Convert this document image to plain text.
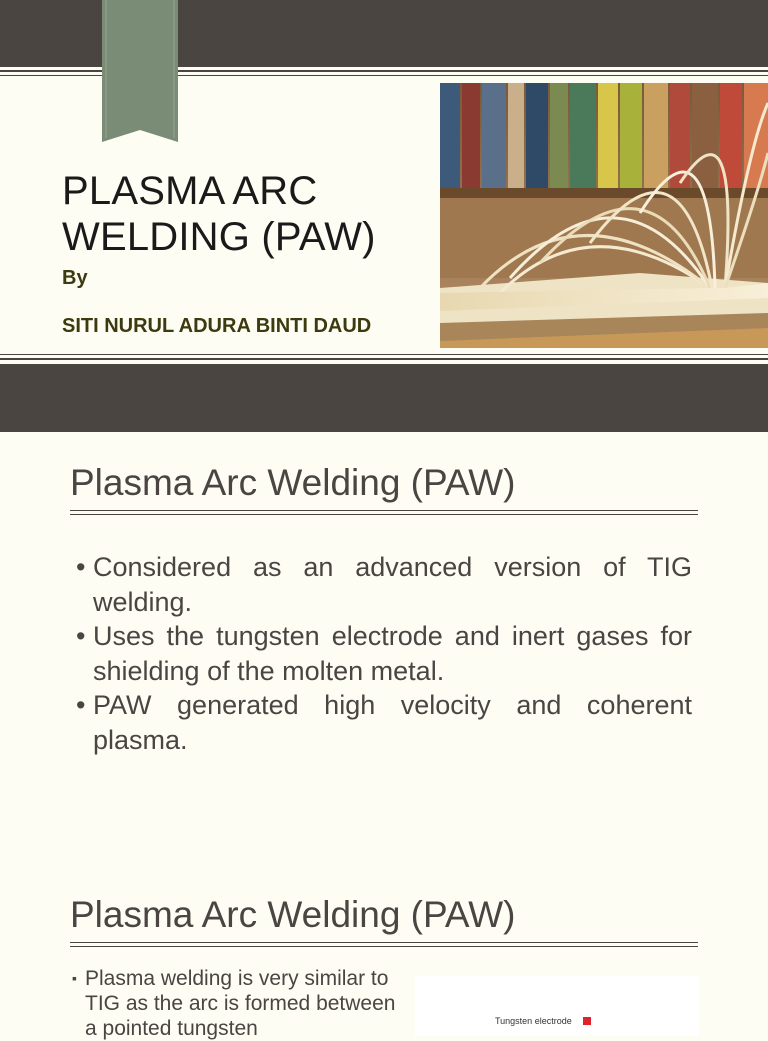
PLASMA ARC
WELDING (PAW)
By
SITI NURUL ADURA BINTI DAUD
Plasma Arc Welding (PAW)
• Considered as an advanced version of TIG welding.
• Uses the tungsten electrode and inert gases for shielding of the molten metal.
• PAW generated high velocity and coherent plasma.
Plasma Arc Welding (PAW)
▪ Plasma welding is very similar to TIG as the arc is formed between a pointed tungsten	Tungsten electrode
